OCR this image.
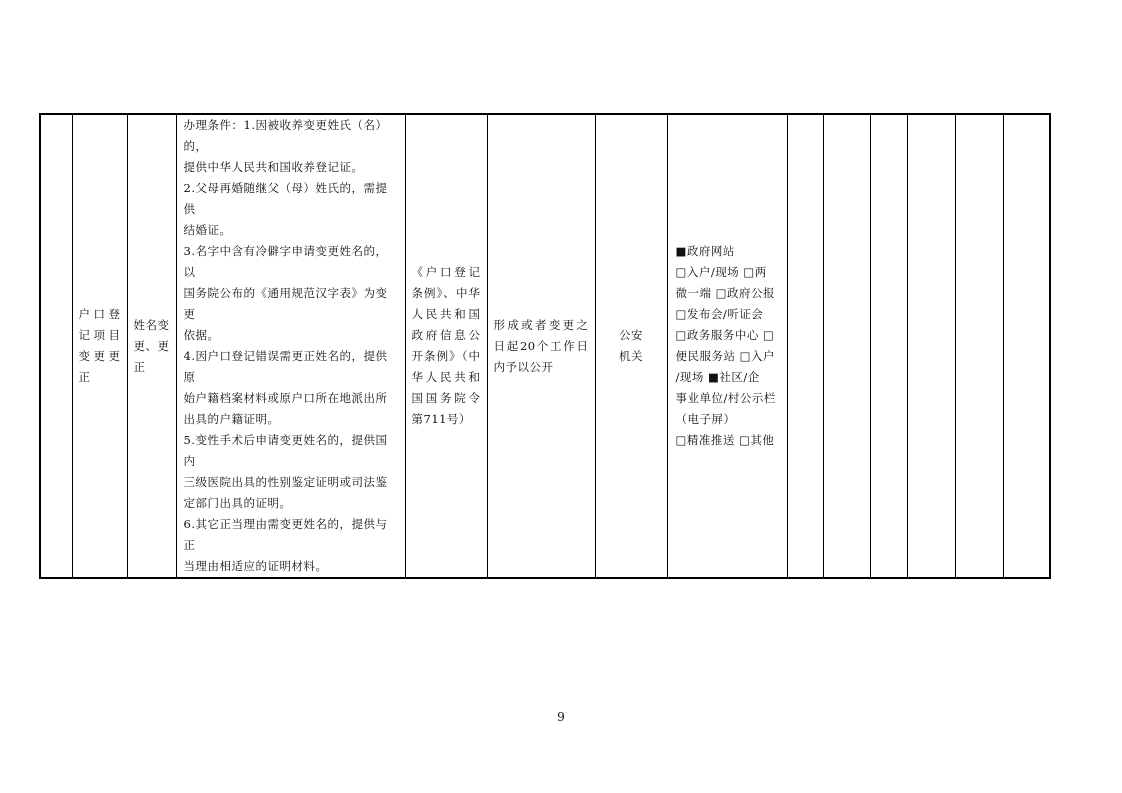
户口登记项目变更更正

姓名变更、更正

办理条件：1.因被收养变更姓氏（名）的，
提供中华人民共和国收养登记证。
2.父母再婚随继父（母）姓氏的，需提供
结婚证。
3.名字中含有冷僻字申请变更姓名的，以
国务院公布的《通用规范汉字表》为变更
依据。
4.因户口登记错误需更正姓名的，提供原
始户籍档案材料或原户口所在地派出所
出具的户籍证明。
5.变性手术后申请变更姓名的，提供国内
三级医院出具的性别鉴定证明或司法鉴
定部门出具的证明。
6.其它正当理由需变更姓名的，提供与正
当理由相适应的证明材料。

《户口登记条例》、中华人民共和国政府信息公开条例》（中华人民共和国国务院令第711号）

形成或者变更之日起20个工作日内予以公开

公安机关

■政府网站
□入户/现场 □两
微一端 □政府公报
□发布会/听证会
□政务服务中心 □
便民服务站 □入户
/现场 ■社区/企
事业单位/村公示栏
（电子屏）
□精准推送 □其他

9
